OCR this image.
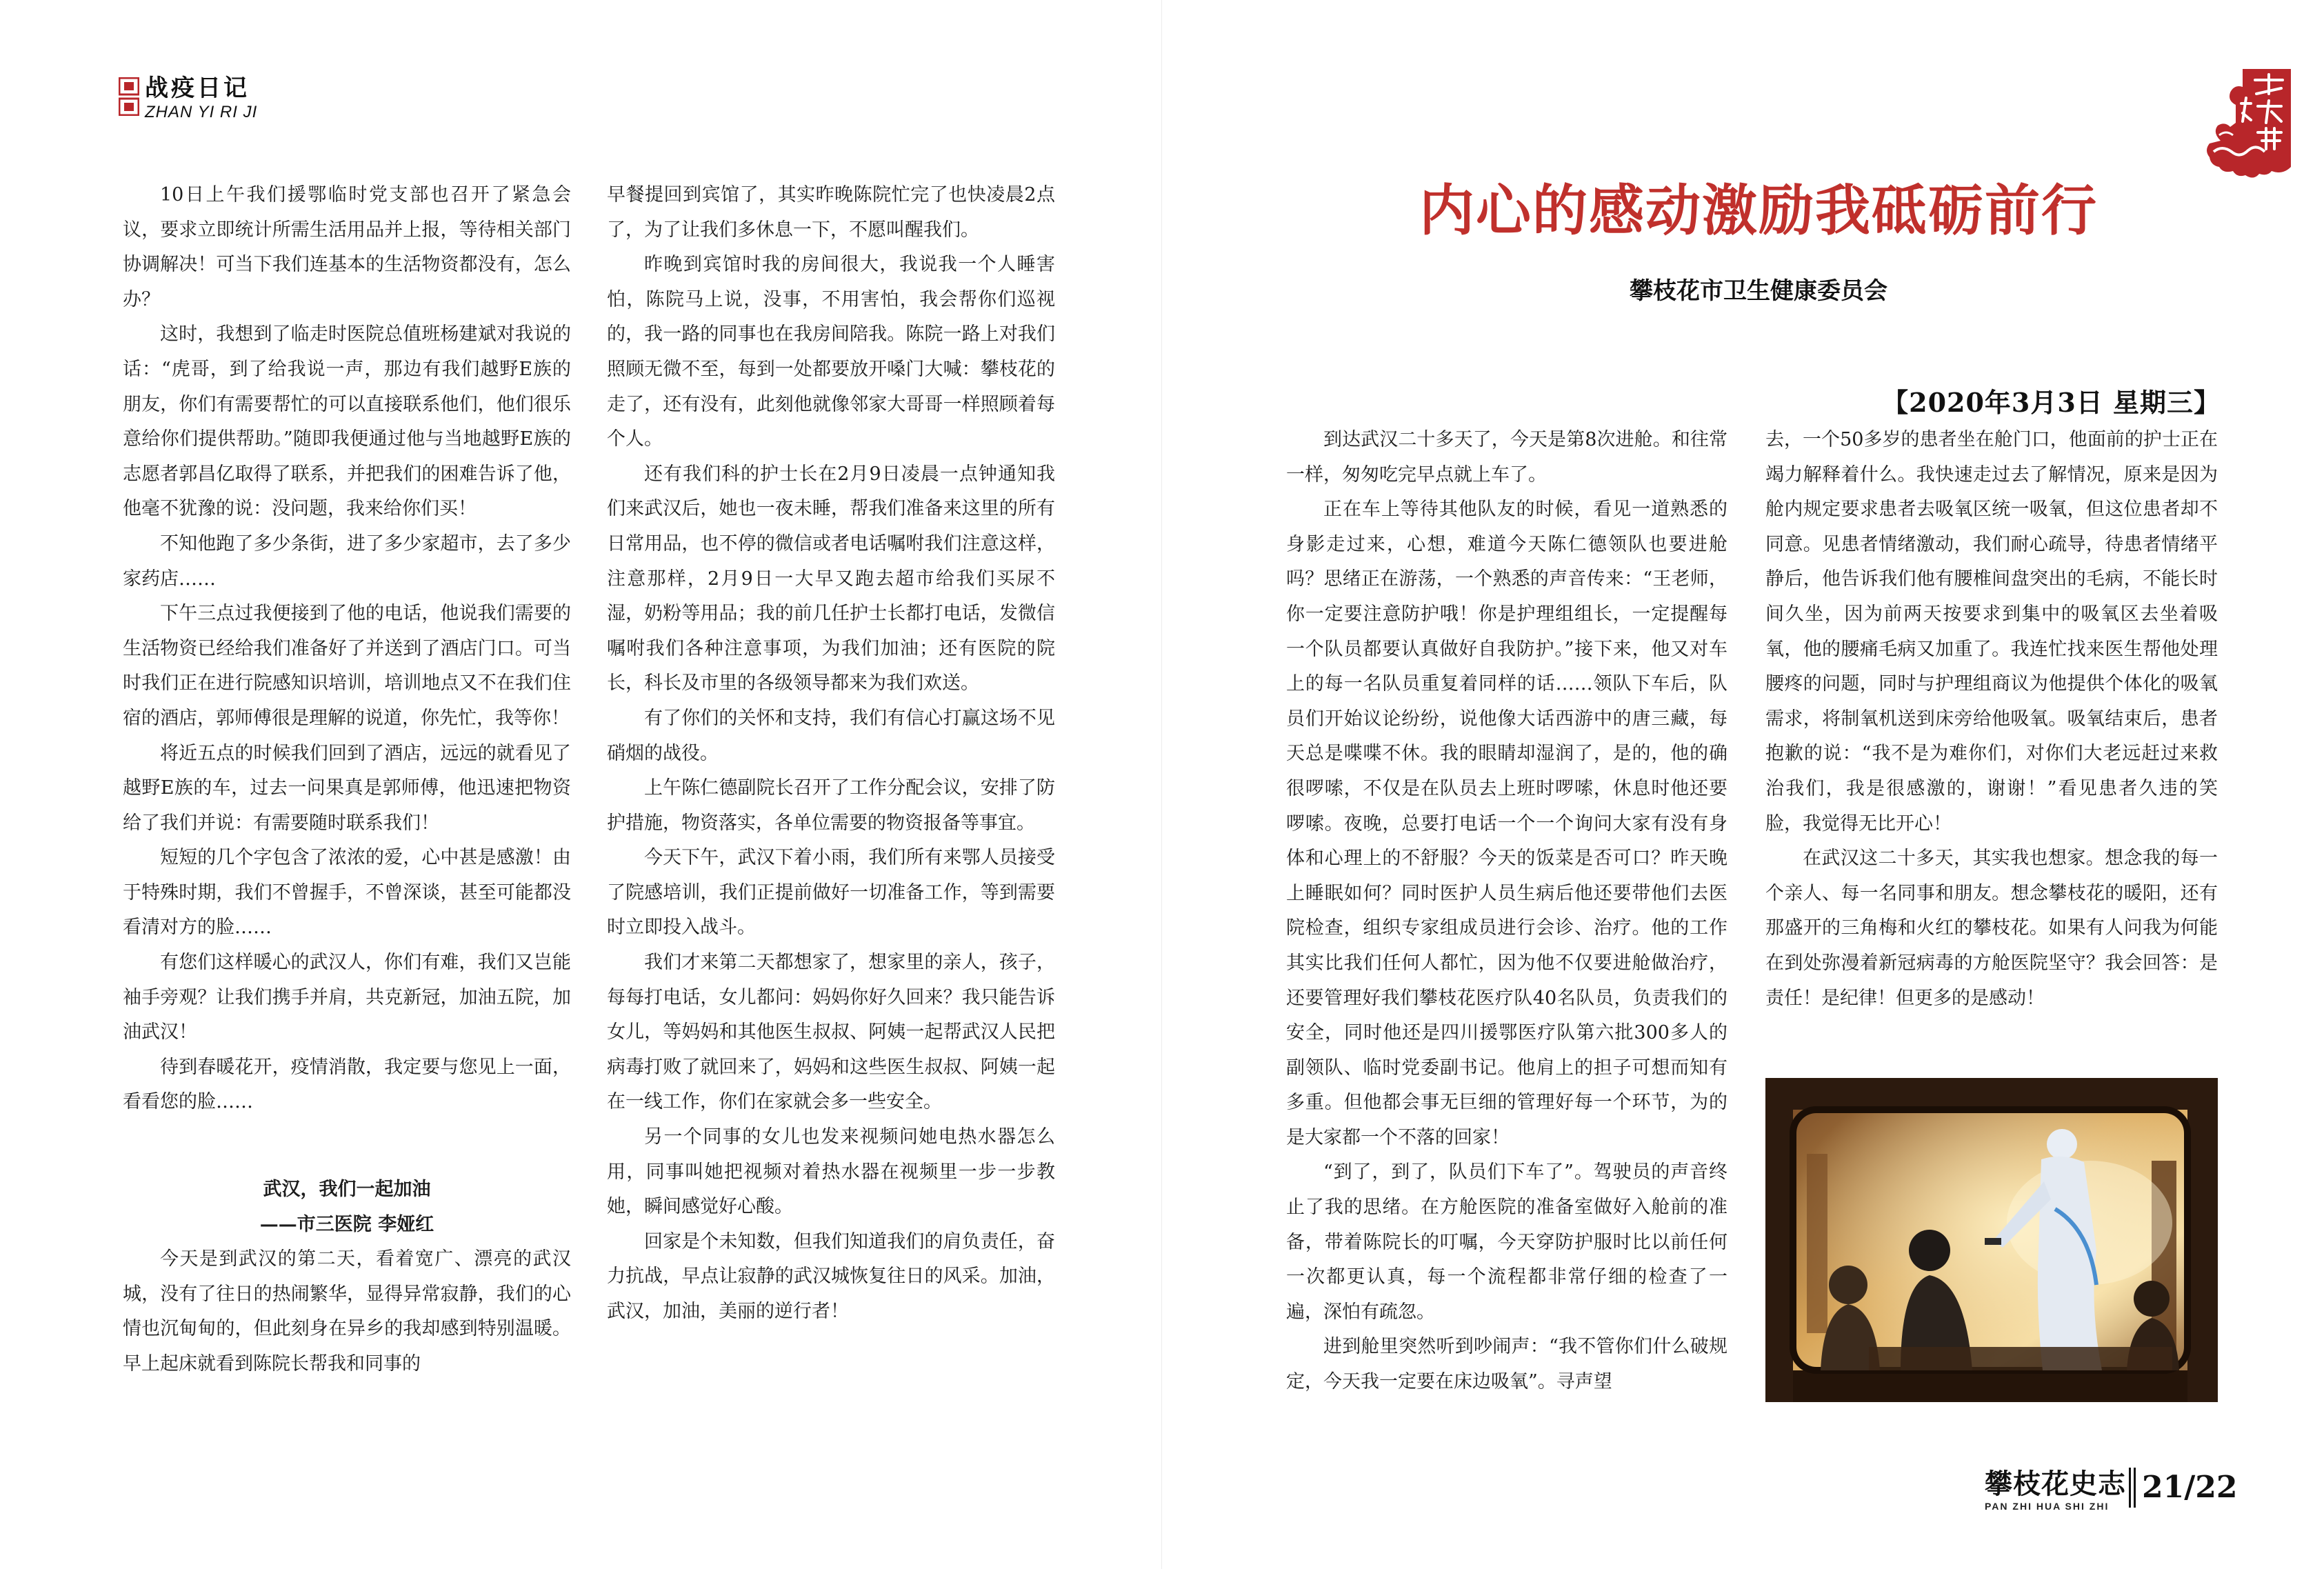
战疫日记
ZHAN YI RI JI

10日上午我们援鄂临时党支部也召开了紧急会议，要求立即统计所需生活用品并上报，等待相关部门协调解决！可当下我们连基本的生活物资都没有，怎么办？

这时，我想到了临走时医院总值班杨建斌对我说的话：“虎哥，到了给我说一声，那边有我们越野E族的朋友，你们有需要帮忙的可以直接联系他们，他们很乐意给你们提供帮助。”随即我便通过他与当地越野E族的志愿者郭昌亿取得了联系，并把我们的困难告诉了他，他毫不犹豫的说：没问题，我来给你们买！

不知他跑了多少条街，进了多少家超市，去了多少家药店……

下午三点过我便接到了他的电话，他说我们需要的生活物资已经给我们准备好了并送到了酒店门口。可当时我们正在进行院感知识培训，培训地点又不在我们住宿的酒店，郭师傅很是理解的说道，你先忙，我等你！

将近五点的时候我们回到了酒店，远远的就看见了越野E族的车，过去一问果真是郭师傅，他迅速把物资给了我们并说：有需要随时联系我们！

短短的几个字包含了浓浓的爱，心中甚是感激！由于特殊时期，我们不曾握手，不曾深谈，甚至可能都没看清对方的脸……

有您们这样暖心的武汉人，你们有难，我们又岂能袖手旁观？让我们携手并肩，共克新冠，加油五院，加油武汉！

待到春暖花开，疫情消散，我定要与您见上一面，看看您的脸……

武汉，我们一起加油
——市三医院 李娅红

今天是到武汉的第二天，看着宽广、漂亮的武汉城，没有了往日的热闹繁华，显得异常寂静，我们的心情也沉甸甸的，但此刻身在异乡的我却感到特别温暖。早上起床就看到陈院长帮我和同事的

早餐提回到宾馆了，其实昨晚陈院忙完了也快凌晨2点了，为了让我们多休息一下，不愿叫醒我们。

昨晚到宾馆时我的房间很大，我说我一个人睡害怕，陈院马上说，没事，不用害怕，我会帮你们巡视的，我一路的同事也在我房间陪我。陈院一路上对我们照顾无微不至，每到一处都要放开嗓门大喊：攀枝花的走了，还有没有，此刻他就像邻家大哥哥一样照顾着每个人。

还有我们科的护士长在2月9日凌晨一点钟通知我们来武汉后，她也一夜未睡，帮我们准备来这里的所有日常用品，也不停的微信或者电话嘱咐我们注意这样，注意那样，2月9日一大早又跑去超市给我们买尿不湿，奶粉等用品；我的前几任护士长都打电话，发微信嘱咐我们各种注意事项，为我们加油；还有医院的院长，科长及市里的各级领导都来为我们欢送。

有了你们的关怀和支持，我们有信心打赢这场不见硝烟的战役。

上午陈仁德副院长召开了工作分配会议，安排了防护措施，物资落实，各单位需要的物资报备等事宜。

今天下午，武汉下着小雨，我们所有来鄂人员接受了院感培训，我们正提前做好一切准备工作，等到需要时立即投入战斗。

我们才来第二天都想家了，想家里的亲人，孩子，每每打电话，女儿都问：妈妈你好久回来？我只能告诉女儿，等妈妈和其他医生叔叔、阿姨一起帮武汉人民把病毒打败了就回来了，妈妈和这些医生叔叔、阿姨一起在一线工作，你们在家就会多一些安全。

另一个同事的女儿也发来视频问她电热水器怎么用，同事叫她把视频对着热水器在视频里一步一步教她，瞬间感觉好心酸。

回家是个未知数，但我们知道我们的肩负责任，奋力抗战，早点让寂静的武汉城恢复往日的风采。加油，武汉，加油，美丽的逆行者！

内心的感动激励我砥砺前行
攀枝花市卫生健康委员会
【2020年3月3日 星期三】

到达武汉二十多天了，今天是第8次进舱。和往常一样，匆匆吃完早点就上车了。

正在车上等待其他队友的时候，看见一道熟悉的身影走过来，心想，难道今天陈仁德领队也要进舱吗？思绪正在游荡，一个熟悉的声音传来：“王老师，你一定要注意防护哦！你是护理组组长，一定提醒每一个队员都要认真做好自我防护。”接下来，他又对车上的每一名队员重复着同样的话……领队下车后，队员们开始议论纷纷，说他像大话西游中的唐三藏，每天总是喋喋不休。我的眼睛却湿润了，是的，他的确很啰嗦，不仅是在队员去上班时啰嗦，休息时他还要啰嗦。夜晚，总要打电话一个一个询问大家有没有身体和心理上的不舒服？今天的饭菜是否可口？昨天晚上睡眠如何？同时医护人员生病后他还要带他们去医院检查，组织专家组成员进行会诊、治疗。他的工作其实比我们任何人都忙，因为他不仅要进舱做治疗，还要管理好我们攀枝花医疗队40名队员，负责我们的安全，同时他还是四川援鄂医疗队第六批300多人的副领队、临时党委副书记。他肩上的担子可想而知有多重。但他都会事无巨细的管理好每一个环节，为的是大家都一个不落的回家！

“到了，到了，队员们下车了”。驾驶员的声音终止了我的思绪。在方舱医院的准备室做好入舱前的准备，带着陈院长的叮嘱，今天穿防护服时比以前任何一次都更认真，每一个流程都非常仔细的检查了一遍，深怕有疏忽。

进到舱里突然听到吵闹声：“我不管你们什么破规定，今天我一定要在床边吸氧”。寻声望

去，一个50多岁的患者坐在舱门口，他面前的护士正在竭力解释着什么。我快速走过去了解情况，原来是因为舱内规定要求患者去吸氧区统一吸氧，但这位患者却不同意。见患者情绪激动，我们耐心疏导，待患者情绪平静后，他告诉我们他有腰椎间盘突出的毛病，不能长时间久坐，因为前两天按要求到集中的吸氧区去坐着吸氧，他的腰痛毛病又加重了。我连忙找来医生帮他处理腰疼的问题，同时与护理组商议为他提供个体化的吸氧需求，将制氧机送到床旁给他吸氧。吸氧结束后，患者抱歉的说：“我不是为难你们，对你们大老远赶过来救治我们，我是很感激的，谢谢！”看见患者久违的笑脸，我觉得无比开心！

在武汉这二十多天，其实我也想家。想念我的每一个亲人、每一名同事和朋友。想念攀枝花的暖阳，还有那盛开的三角梅和火红的攀枝花。如果有人问我为何能在到处弥漫着新冠病毒的方舱医院坚守？我会回答：是责任！是纪律！但更多的是感动！

攀枝花史志
PAN ZHI HUA SHI ZHI
21/22
